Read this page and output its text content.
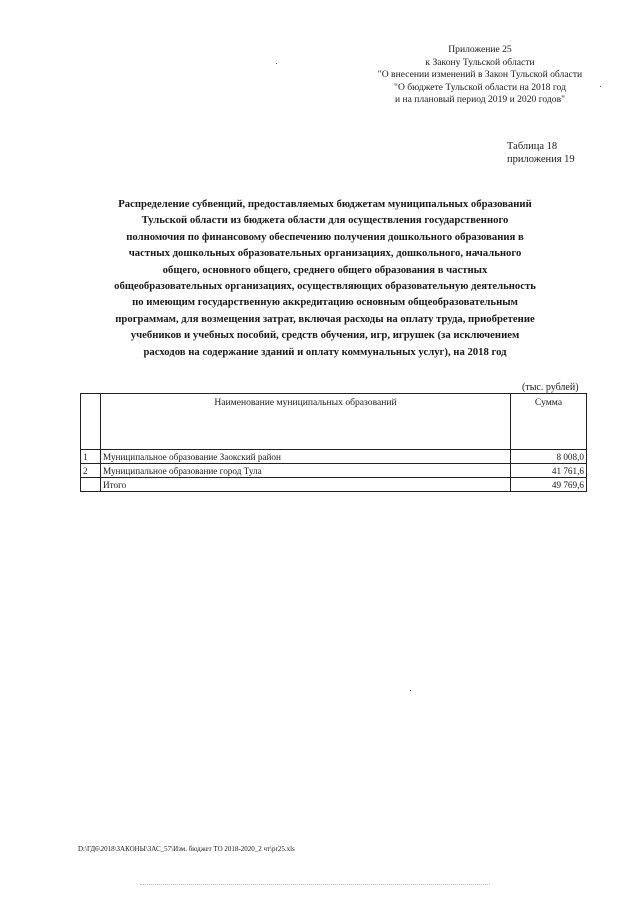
Приложение 25
к Закону Тульской области
"О внесении изменений в Закон Тульской области
"О бюджете Тульской области на 2018 год
и на плановый период 2019 и 2020 годов"
Таблица 18
приложения 19
Распределение субвенций, предоставляемых бюджетам муниципальных образований
Тульской области из бюджета области для осуществления государственного
полномочия по финансовому обеспечению получения дошкольного образования в
частных дошкольных образовательных организациях, дошкольного, начального
общего, основного общего, среднего общего образования в частных
общеобразовательных организациях, осуществляющих образовательную деятельность
по имеющим государственную аккредитацию основным общеобразовательным
программам, для возмещения затрат, включая расходы на оплату труда, приобретение
учебников и учебных пособий, средств обучения, игр, игрушек (за исключением
расходов на содержание зданий и оплату коммунальных услуг), на 2018 год
(тыс. рублей)
	Наименование муниципальных образований	Сумма
1	Муниципальное образование Заокский район	8 008,0
2	Муниципальное образование город Тула	41 761,6
	Итого	49 769,6
D:\ГД6\2018\ЗАКОНЫ\ЗАС_57\Изм. бюджет ТО 2018-2020_2 чт\pr25.xls
